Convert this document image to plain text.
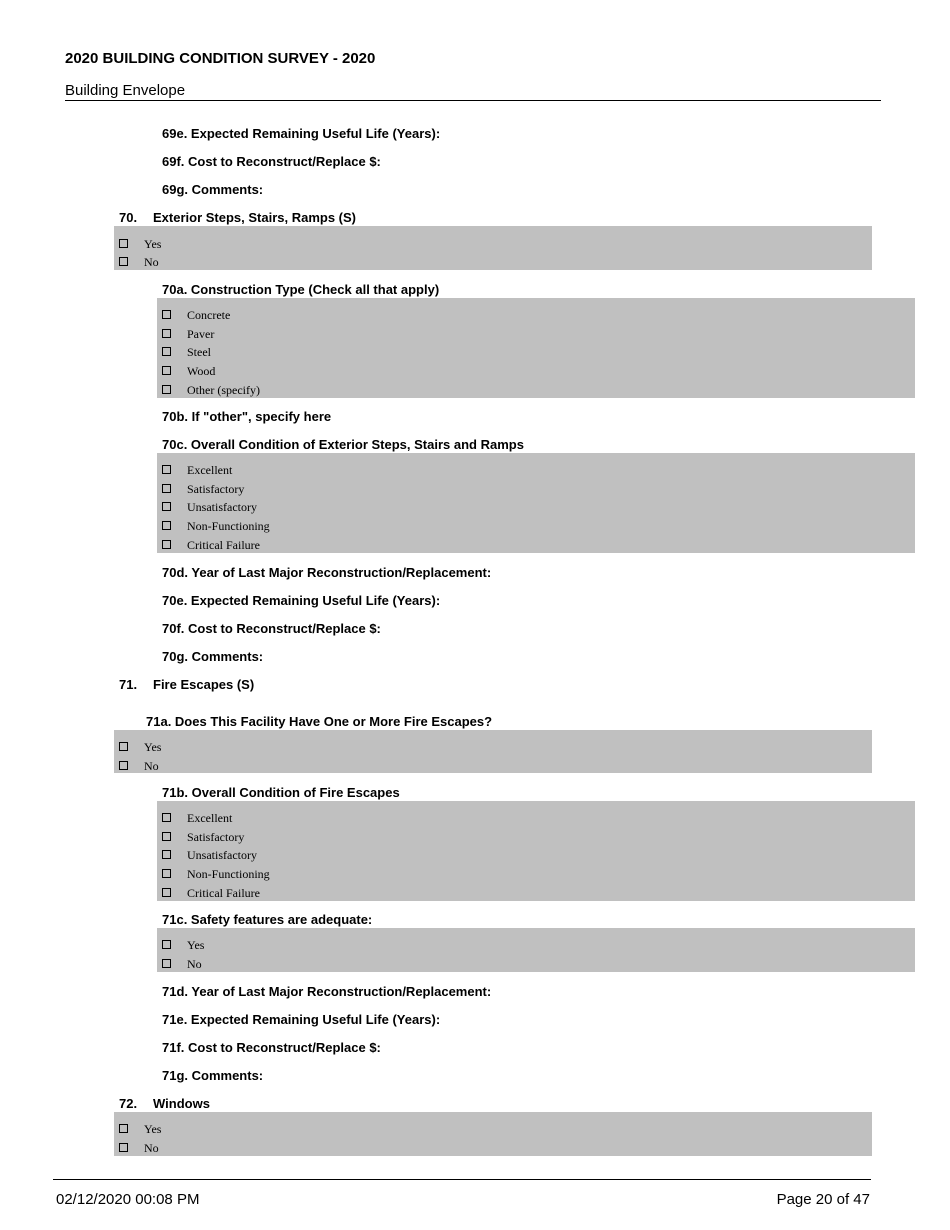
2020 BUILDING CONDITION SURVEY - 2020
Building Envelope
69e. Expected Remaining Useful Life (Years):
69f. Cost to Reconstruct/Replace $:
69g. Comments:
70. Exterior Steps, Stairs, Ramps (S)
Yes
No
70a. Construction Type (Check all that apply)
Concrete
Paver
Steel
Wood
Other (specify)
70b. If "other", specify here
70c. Overall Condition of Exterior Steps, Stairs and Ramps
Excellent
Satisfactory
Unsatisfactory
Non-Functioning
Critical Failure
70d. Year of Last Major Reconstruction/Replacement:
70e. Expected Remaining Useful Life (Years):
70f. Cost to Reconstruct/Replace $:
70g. Comments:
71. Fire Escapes (S)
71a. Does This Facility Have One or More Fire Escapes?
Yes
No
71b. Overall Condition of Fire Escapes
Excellent
Satisfactory
Unsatisfactory
Non-Functioning
Critical Failure
71c. Safety features are adequate:
Yes
No
71d. Year of Last Major Reconstruction/Replacement:
71e. Expected Remaining Useful Life (Years):
71f. Cost to Reconstruct/Replace $:
71g. Comments:
72. Windows
Yes
No
02/12/2020 00:08 PM	Page 20 of 47
